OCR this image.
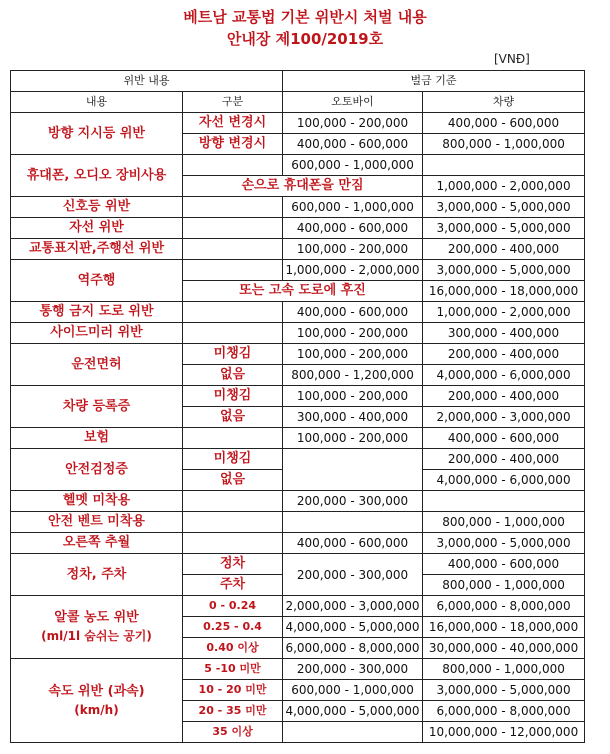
베트남 교통법 기본 위반시 처벌 내용
안내장 제100/2019호
[VNĐ]
위반 내용		벌금 기준	
내용	구분	오토바이	차량
방향 지시등 위반	자선 변경시	100,000 - 200,000	400,000 - 600,000
	방향 변경시	400,000 - 600,000	800,000 - 1,000,000
휴대폰, 오디오 장비사용		600,000 - 1,000,000	
	손으로 휴대폰을 만짐		1,000,000 - 2,000,000
신호등 위반		600,000 - 1,000,000	3,000,000 - 5,000,000
자선 위반		400,000 - 600,000	3,000,000 - 5,000,000
교통표지판,주행선 위반		100,000 - 200,000	200,000 - 400,000
역주행		1,000,000 - 2,000,000	3,000,000 - 5,000,000
	또는 고속 도로에 후진		16,000,000 - 18,000,000
통행 금지 도로 위반		400,000 - 600,000	1,000,000 - 2,000,000
사이드미러 위반		100,000 - 200,000	300,000 - 400,000
운전면허	미챙김	100,000 - 200,000	200,000 - 400,000
	없음	800,000 - 1,200,000	4,000,000 - 6,000,000
차량 등록증	미챙김	100,000 - 200,000	200,000 - 400,000
	없음	300,000 - 400,000	2,000,000 - 3,000,000
보험		100,000 - 200,000	400,000 - 600,000
안전검정증	미챙김		200,000 - 400,000
	없음		4,000,000 - 6,000,000
헬멧 미착용		200,000 - 300,000	
안전 벤트 미착용			800,000 - 1,000,000
오른쪽 추월		400,000 - 600,000	3,000,000 - 5,000,000
정차, 주차	정차	200,000 - 300,000	400,000 - 600,000
	주차		800,000 - 1,000,000

알콜 농도 위반
(ml/1l 숨쉬는 공기)	0 - 0.24	2,000,000 - 3,000,000	6,000,000 - 8,000,000
	0.25 - 0.4	4,000,000 - 5,000,000	16,000,000 - 18,000,000
	0.40 이상	6,000,000 - 8,000,000	30,000,000 - 40,000,000

속도 위반 (과속)
(km/h)	5 -10 미만	200,000 - 300,000	800,000 - 1,000,000
	10 - 20 미만	600,000 - 1,000,000	3,000,000 - 5,000,000
	20 - 35 미만	4,000,000 - 5,000,000	6,000,000 - 8,000,000
	35 이상		10,000,000 - 12,000,000
